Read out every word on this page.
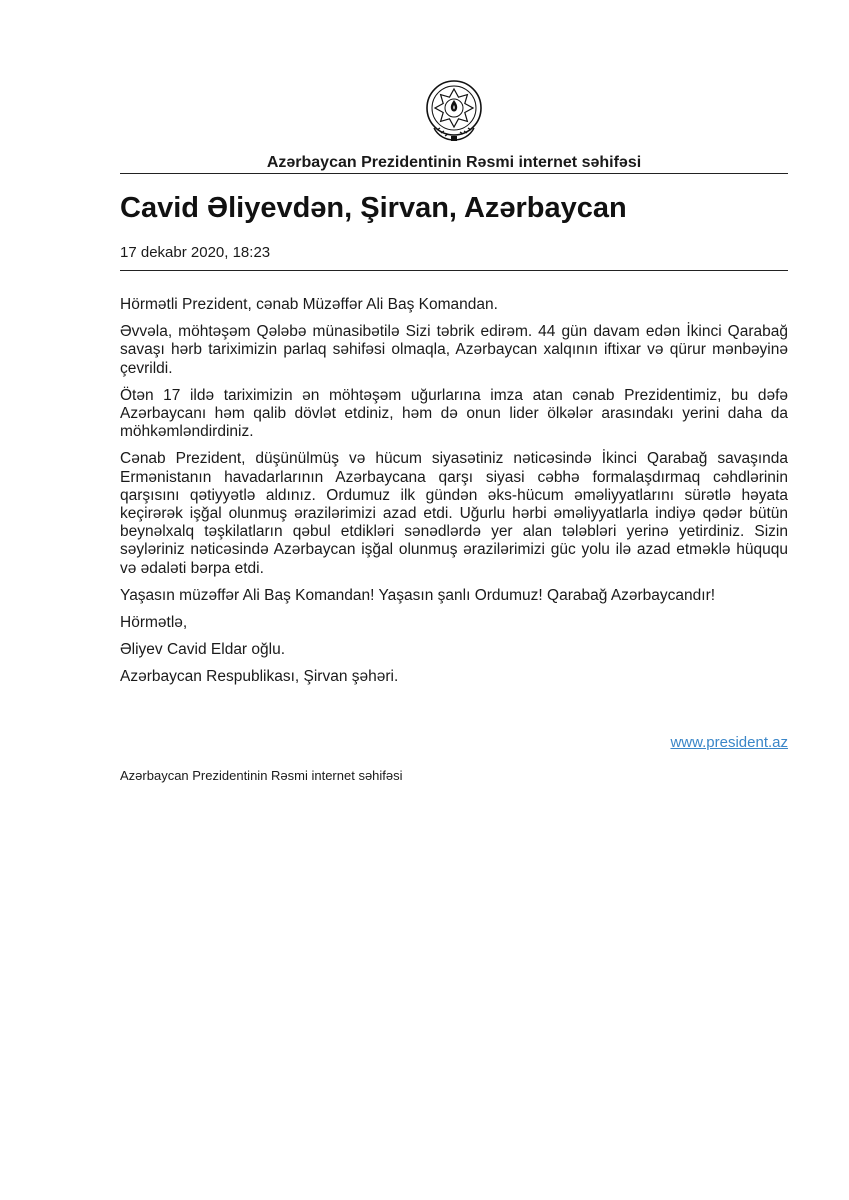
Azərbaycan Prezidentinin Rəsmi internet səhifəsi
Cavid Əliyevdən, Şirvan, Azərbaycan
17 dekabr 2020, 18:23

Hörmətli Prezident, cənab Müzəffər Ali Baş Komandan.

Əvvəla, möhtəşəm Qələbə münasibətilə Sizi təbrik edirəm. 44 gün davam edən İkinci Qarabağ savaşı hərb tariximizin parlaq səhifəsi olmaqla, Azərbaycan xalqının iftixar və qürur mənbəyinə çevrildi.

Ötən 17 ildə tariximizin ən möhtəşəm uğurlarına imza atan cənab Prezidentimiz, bu dəfə Azərbaycanı həm qalib dövlət etdiniz, həm də onun lider ölkələr arasındakı yerini daha da möhkəmləndirdiniz.

Cənab Prezident, düşünülmüş və hücum siyasətiniz nəticəsində İkinci Qarabağ savaşında Ermənistanın havadarlarının Azərbaycana qarşı siyasi cəbhə formalaşdırmaq cəhdlərinin qarşısını qətiyyətlə aldınız. Ordumuz ilk gündən əks-hücum əməliyyatlarını sürətlə həyata keçirərək işğal olunmuş ərazilərimizi azad etdi. Uğurlu hərbi əməliyyatlarla indiyə qədər bütün beynəlxalq təşkilatların qəbul etdikləri sənədlərdə yer alan tələbləri yerinə yetirdiniz. Sizin səyləriniz nəticəsində Azərbaycan işğal olunmuş ərazilərimizi güc yolu ilə azad etməklə hüququ və ədaləti bərpa etdi.

Yaşasın müzəffər Ali Baş Komandan! Yaşasın şanlı Ordumuz! Qarabağ Azərbaycandır!

Hörmətlə,

Əliyev Cavid Eldar oğlu.

Azərbaycan Respublikası, Şirvan şəhəri.

www.president.az
Azərbaycan Prezidentinin Rəsmi internet səhifəsi
